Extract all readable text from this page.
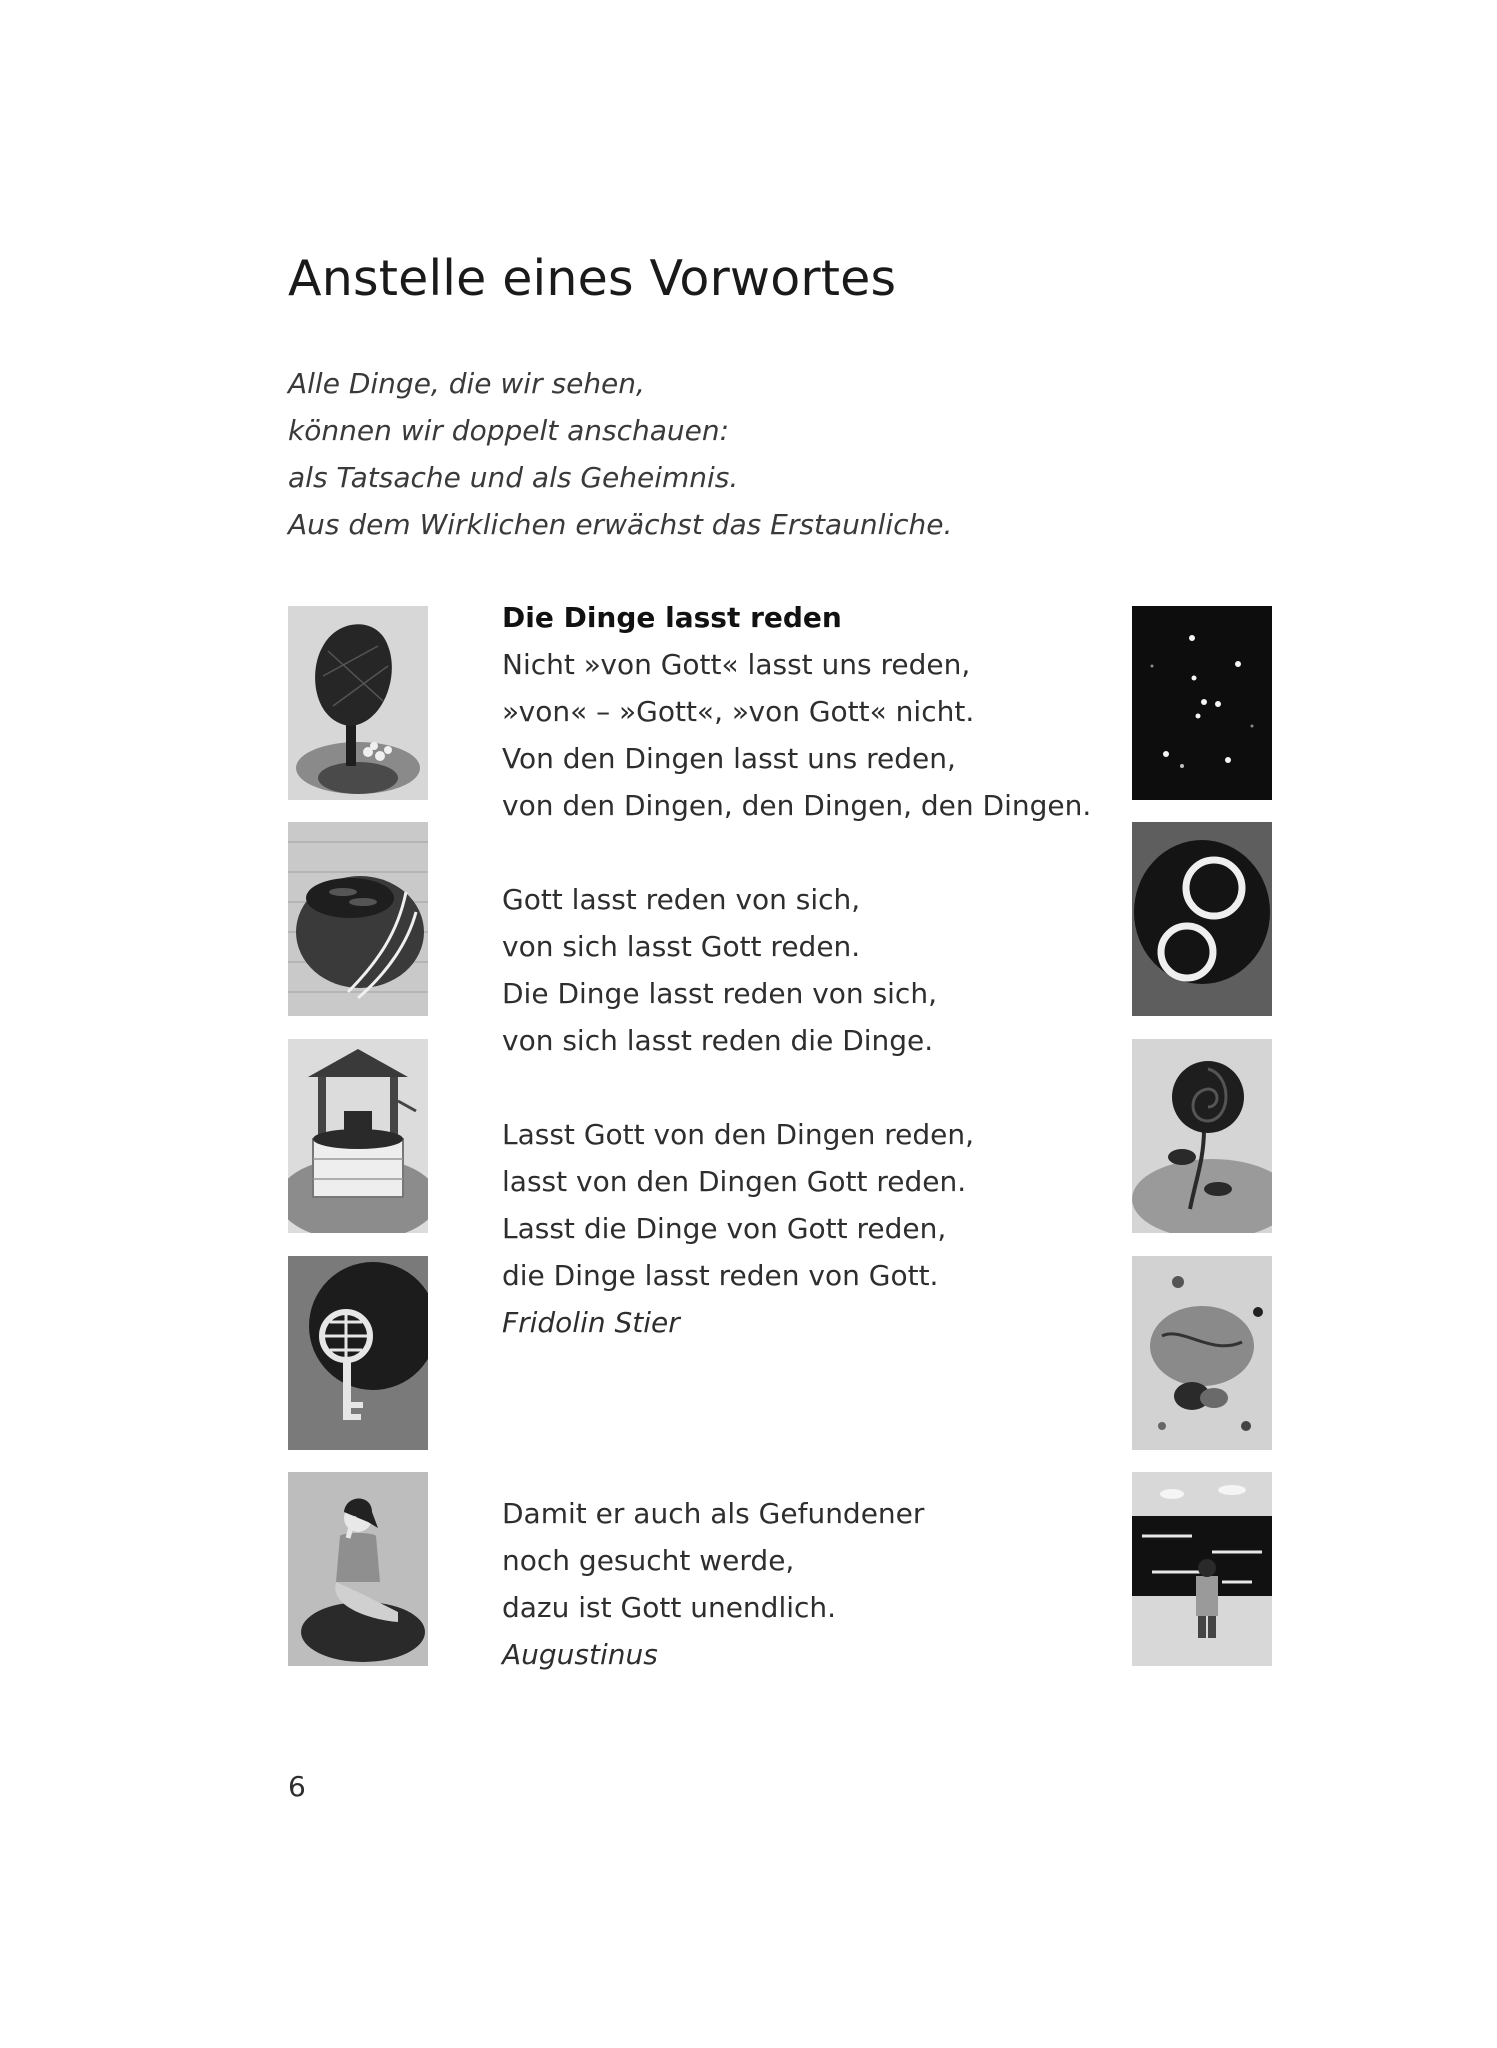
Anstelle eines Vorwortes
Alle Dinge, die wir sehen,
können wir doppelt anschauen:
als Tatsache und als Geheimnis.
Aus dem Wirklichen erwächst das Erstaunliche.
Die Dinge lasst reden
Nicht »von Gott« lasst uns reden,
»von« – »Gott«, »von Gott« nicht.
Von den Dingen lasst uns reden,
von den Dingen, den Dingen, den Dingen.
Gott lasst reden von sich,
von sich lasst Gott reden.
Die Dinge lasst reden von sich,
von sich lasst reden die Dinge.
Lasst Gott von den Dingen reden,
lasst von den Dingen Gott reden.
Lasst die Dinge von Gott reden,
die Dinge lasst reden von Gott.
Fridolin Stier
Damit er auch als Gefundener
noch gesucht werde,
dazu ist Gott unendlich.
Augustinus
6
